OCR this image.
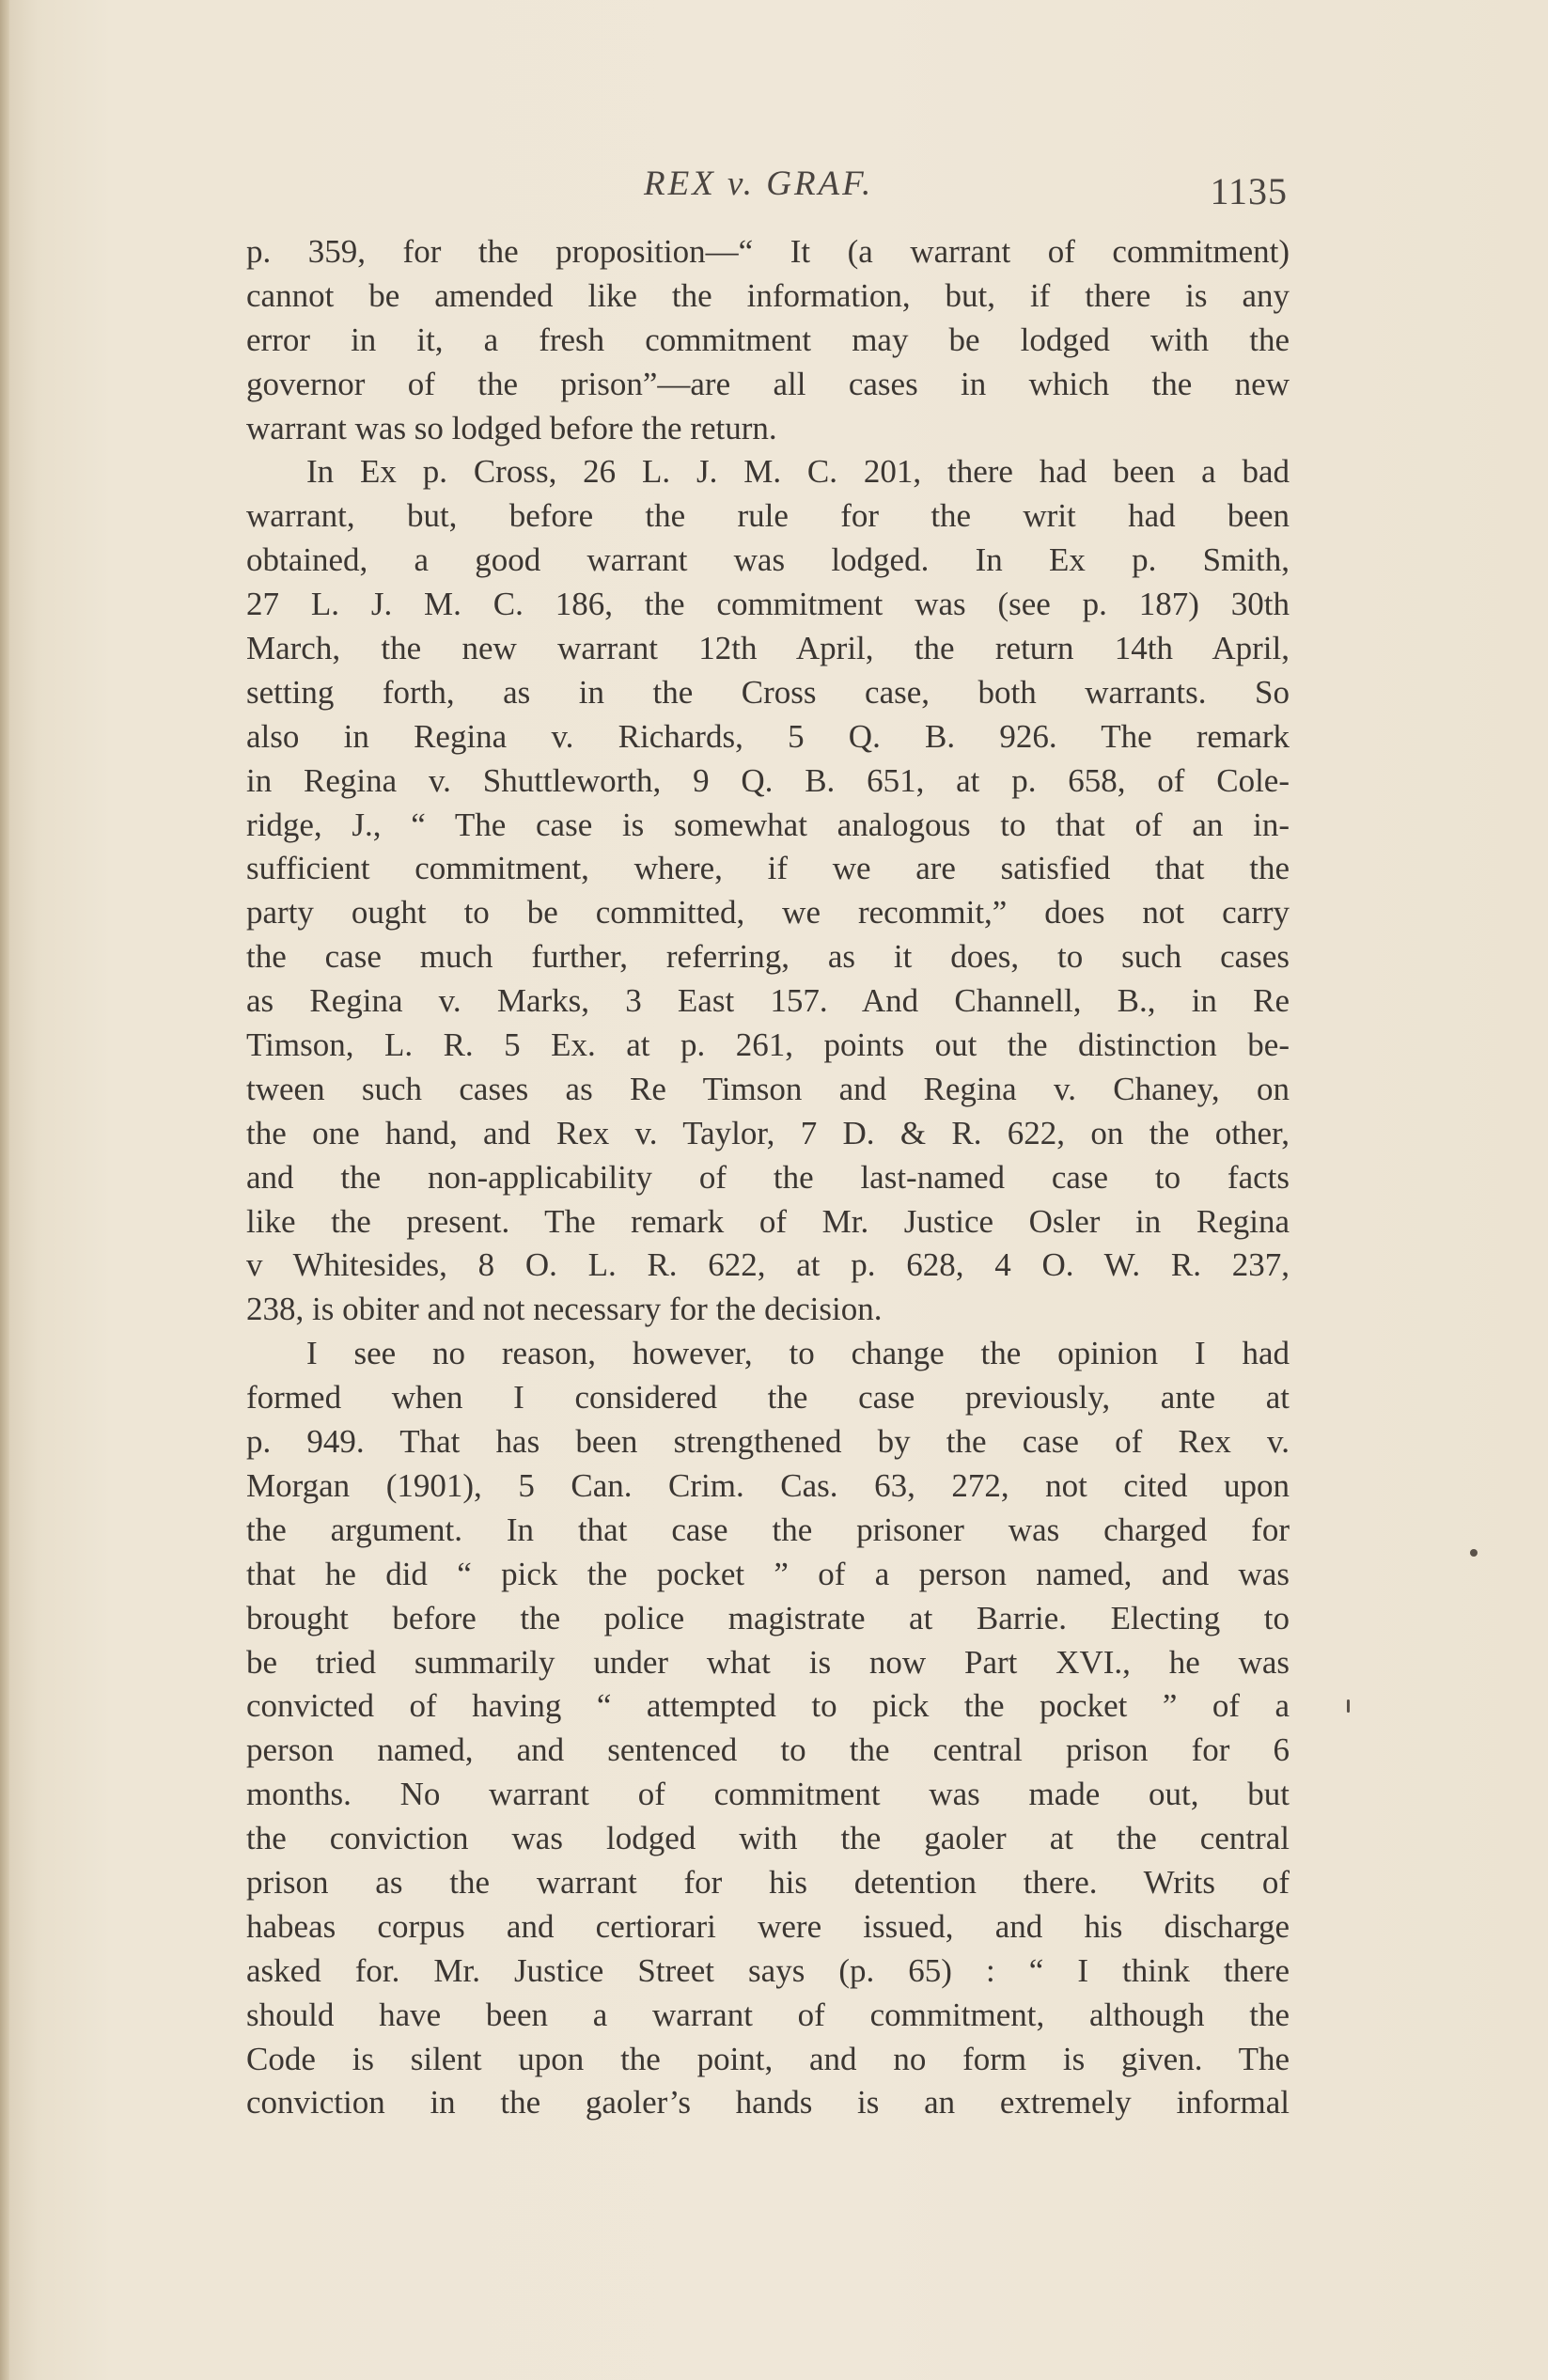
REX v. GRAF.	1135
p. 359, for the proposition—“ It (a warrant of commitment)
cannot be amended like the information, but, if there is any
error in it, a fresh commitment may be lodged with the
governor of the prison”—are all cases in which the new
warrant was so lodged before the return.
In Ex p. Cross, 26 L. J. M. C. 201, there had been a bad
warrant, but, before the rule for the writ had been
obtained, a good warrant was lodged. In Ex p. Smith,
27 L. J. M. C. 186, the commitment was (see p. 187) 30th
March, the new warrant 12th April, the return 14th April,
setting forth, as in the Cross case, both warrants. So
also in Regina v. Richards, 5 Q. B. 926. The remark
in Regina v. Shuttleworth, 9 Q. B. 651, at p. 658, of Cole-
ridge, J., “ The case is somewhat analogous to that of an in-
sufficient commitment, where, if we are satisfied that the
party ought to be committed, we recommit,” does not carry
the case much further, referring, as it does, to such cases
as Regina v. Marks, 3 East 157. And Channell, B., in Re
Timson, L. R. 5 Ex. at p. 261, points out the distinction be-
tween such cases as Re Timson and Regina v. Chaney, on
the one hand, and Rex v. Taylor, 7 D. & R. 622, on the other,
and the non-applicability of the last-named case to facts
like the present. The remark of Mr. Justice Osler in Regina
v Whitesides, 8 O. L. R. 622, at p. 628, 4 O. W. R. 237,
238, is obiter and not necessary for the decision.
I see no reason, however, to change the opinion I had
formed when I considered the case previously, ante at
p. 949. That has been strengthened by the case of Rex v.
Morgan (1901), 5 Can. Crim. Cas. 63, 272, not cited upon
the argument. In that case the prisoner was charged for
that he did “ pick the pocket ” of a person named, and was
brought before the police magistrate at Barrie. Electing to
be tried summarily under what is now Part XVI., he was
convicted of having “ attempted to pick the pocket ” of a
person named, and sentenced to the central prison for 6
months. No warrant of commitment was made out, but
the conviction was lodged with the gaoler at the central
prison as the warrant for his detention there. Writs of
habeas corpus and certiorari were issued, and his discharge
asked for. Mr. Justice Street says (p. 65) : “ I think there
should have been a warrant of commitment, although the
Code is silent upon the point, and no form is given. The
conviction in the gaoler’s hands is an extremely informal
